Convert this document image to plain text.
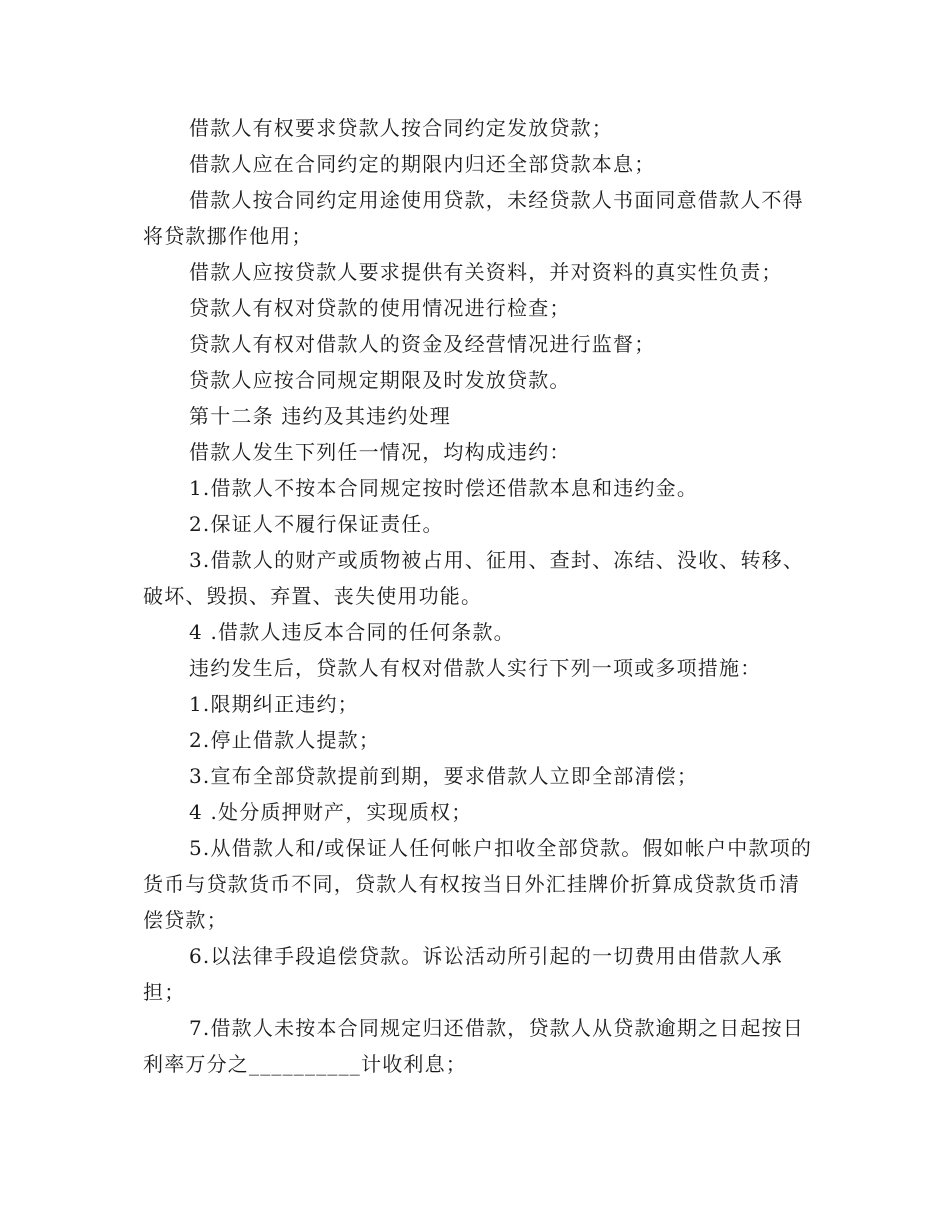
借款人有权要求贷款人按合同约定发放贷款；

借款人应在合同约定的期限内归还全部贷款本息；

借款人按合同约定用途使用贷款，未经贷款人书面同意借款人不得将贷款挪作他用；

借款人应按贷款人要求提供有关资料，并对资料的真实性负责；

贷款人有权对贷款的使用情况进行检查；

贷款人有权对借款人的资金及经营情况进行监督；

贷款人应按合同规定期限及时发放贷款。

第十二条 违约及其违约处理

借款人发生下列任一情况，均构成违约：

1.借款人不按本合同规定按时偿还借款本息和违约金。

2.保证人不履行保证责任。

3.借款人的财产或质物被占用、征用、查封、冻结、没收、转移、破坏、毁损、弃置、丧失使用功能。

4 .借款人违反本合同的任何条款。

违约发生后，贷款人有权对借款人实行下列一项或多项措施：

1.限期纠正违约；

2.停止借款人提款；

3.宣布全部贷款提前到期，要求借款人立即全部清偿；

4 .处分质押财产，实现质权；

5.从借款人和/或保证人任何帐户扣收全部贷款。假如帐户中款项的货币与贷款货币不同，贷款人有权按当日外汇挂牌价折算成贷款货币清偿贷款；

6.以法律手段追偿贷款。诉讼活动所引起的一切费用由借款人承担；

7.借款人未按本合同规定归还借款，贷款人从贷款逾期之日起按日利率万分之__________计收利息；
